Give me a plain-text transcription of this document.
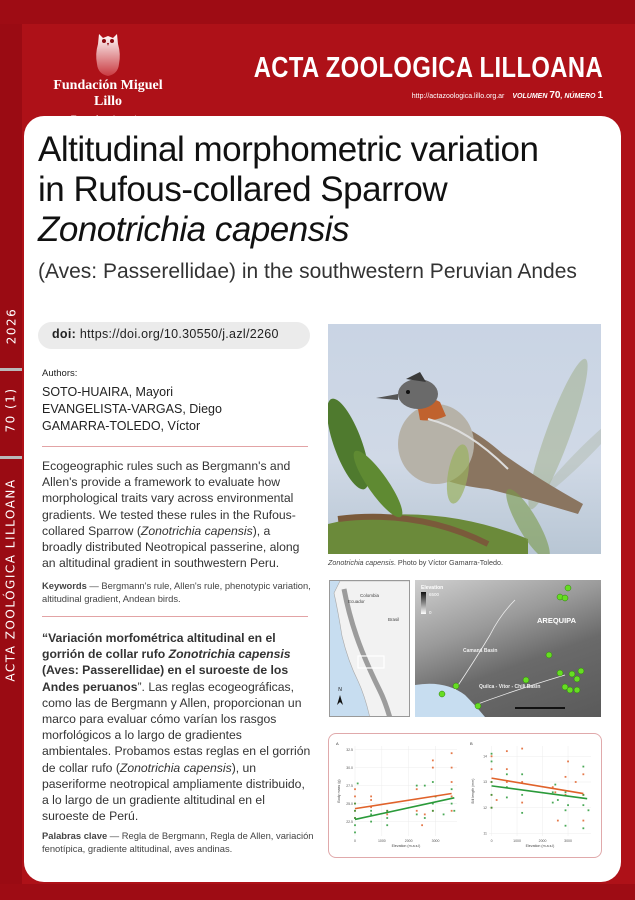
2026
70 (1)
ACTA ZOOLÓGICA LILLOANA
Fundación Miguel Lillo
ACTA ZOOLOGICA LILLOANA
http://actazoologica.lillo.org.ar VOLUMEN 70, NÚMERO 1
Altitudinal morphometric variation
in Rufous-collared Sparrow
Zonotrichia capensis
(Aves: Passerellidae) in the southwestern Peruvian Andes
doi: https://doi.org/10.30550/j.azl/2260
Authors:
SOTO-HUAIRA, Mayori
EVANGELISTA-VARGAS, Diego
GAMARRA-TOLEDO, Víctor
Ecogeographic rules such as Bergmann's and Allen's provide a framework to evaluate how morphological traits vary across environmental gradients. We tested these rules in the Rufous-collared Sparrow (Zonotrichia capensis), a broadly distributed Neotropical passerine, along an altitudinal gradient in southwestern Peru.
Keywords — Bergmann's rule, Allen's rule, phenotypic variation, altitudinal gradient, Andean birds.
“Variación morfométrica altitudinal en el gorrión de collar rufo Zonotrichia capensis (Aves: Passerellidae) en el suroeste de los Andes peruanos”. Las reglas ecogeográficas, como las de Bergmann y Allen, proporcionan un marco para evaluar cómo varían los rasgos morfológicos a lo largo de gradientes ambientales. Probamos estas reglas en el gorrión de collar rufo (Zonotrichia capensis), un paseriforme neotropical ampliamente distribuido, a lo largo de un gradiente altitudinal en el suroeste de Perú.
Palabras clave — Regla de Bergmann, Regla de Allen, variación fenotípica, gradiente altitudinal, aves andinas.
Zonotrichia capensis. Photo by Víctor Gamarra-Toledo.
N
Colombia
Ecuador
Brasil
Elevation
6500
0
AREQUIPA
Camaná Basin
Quilca - Vítor - Chili Basin
0	1000	2000	3000
22.5
25.0
27.5
30.0
32.5
Elevation (m.a.s.l)
Body mass (g)
A
0	1000	2000	3000
11
12
13
14
Elevation (m.a.s.l)
Bill length (mm)
B
